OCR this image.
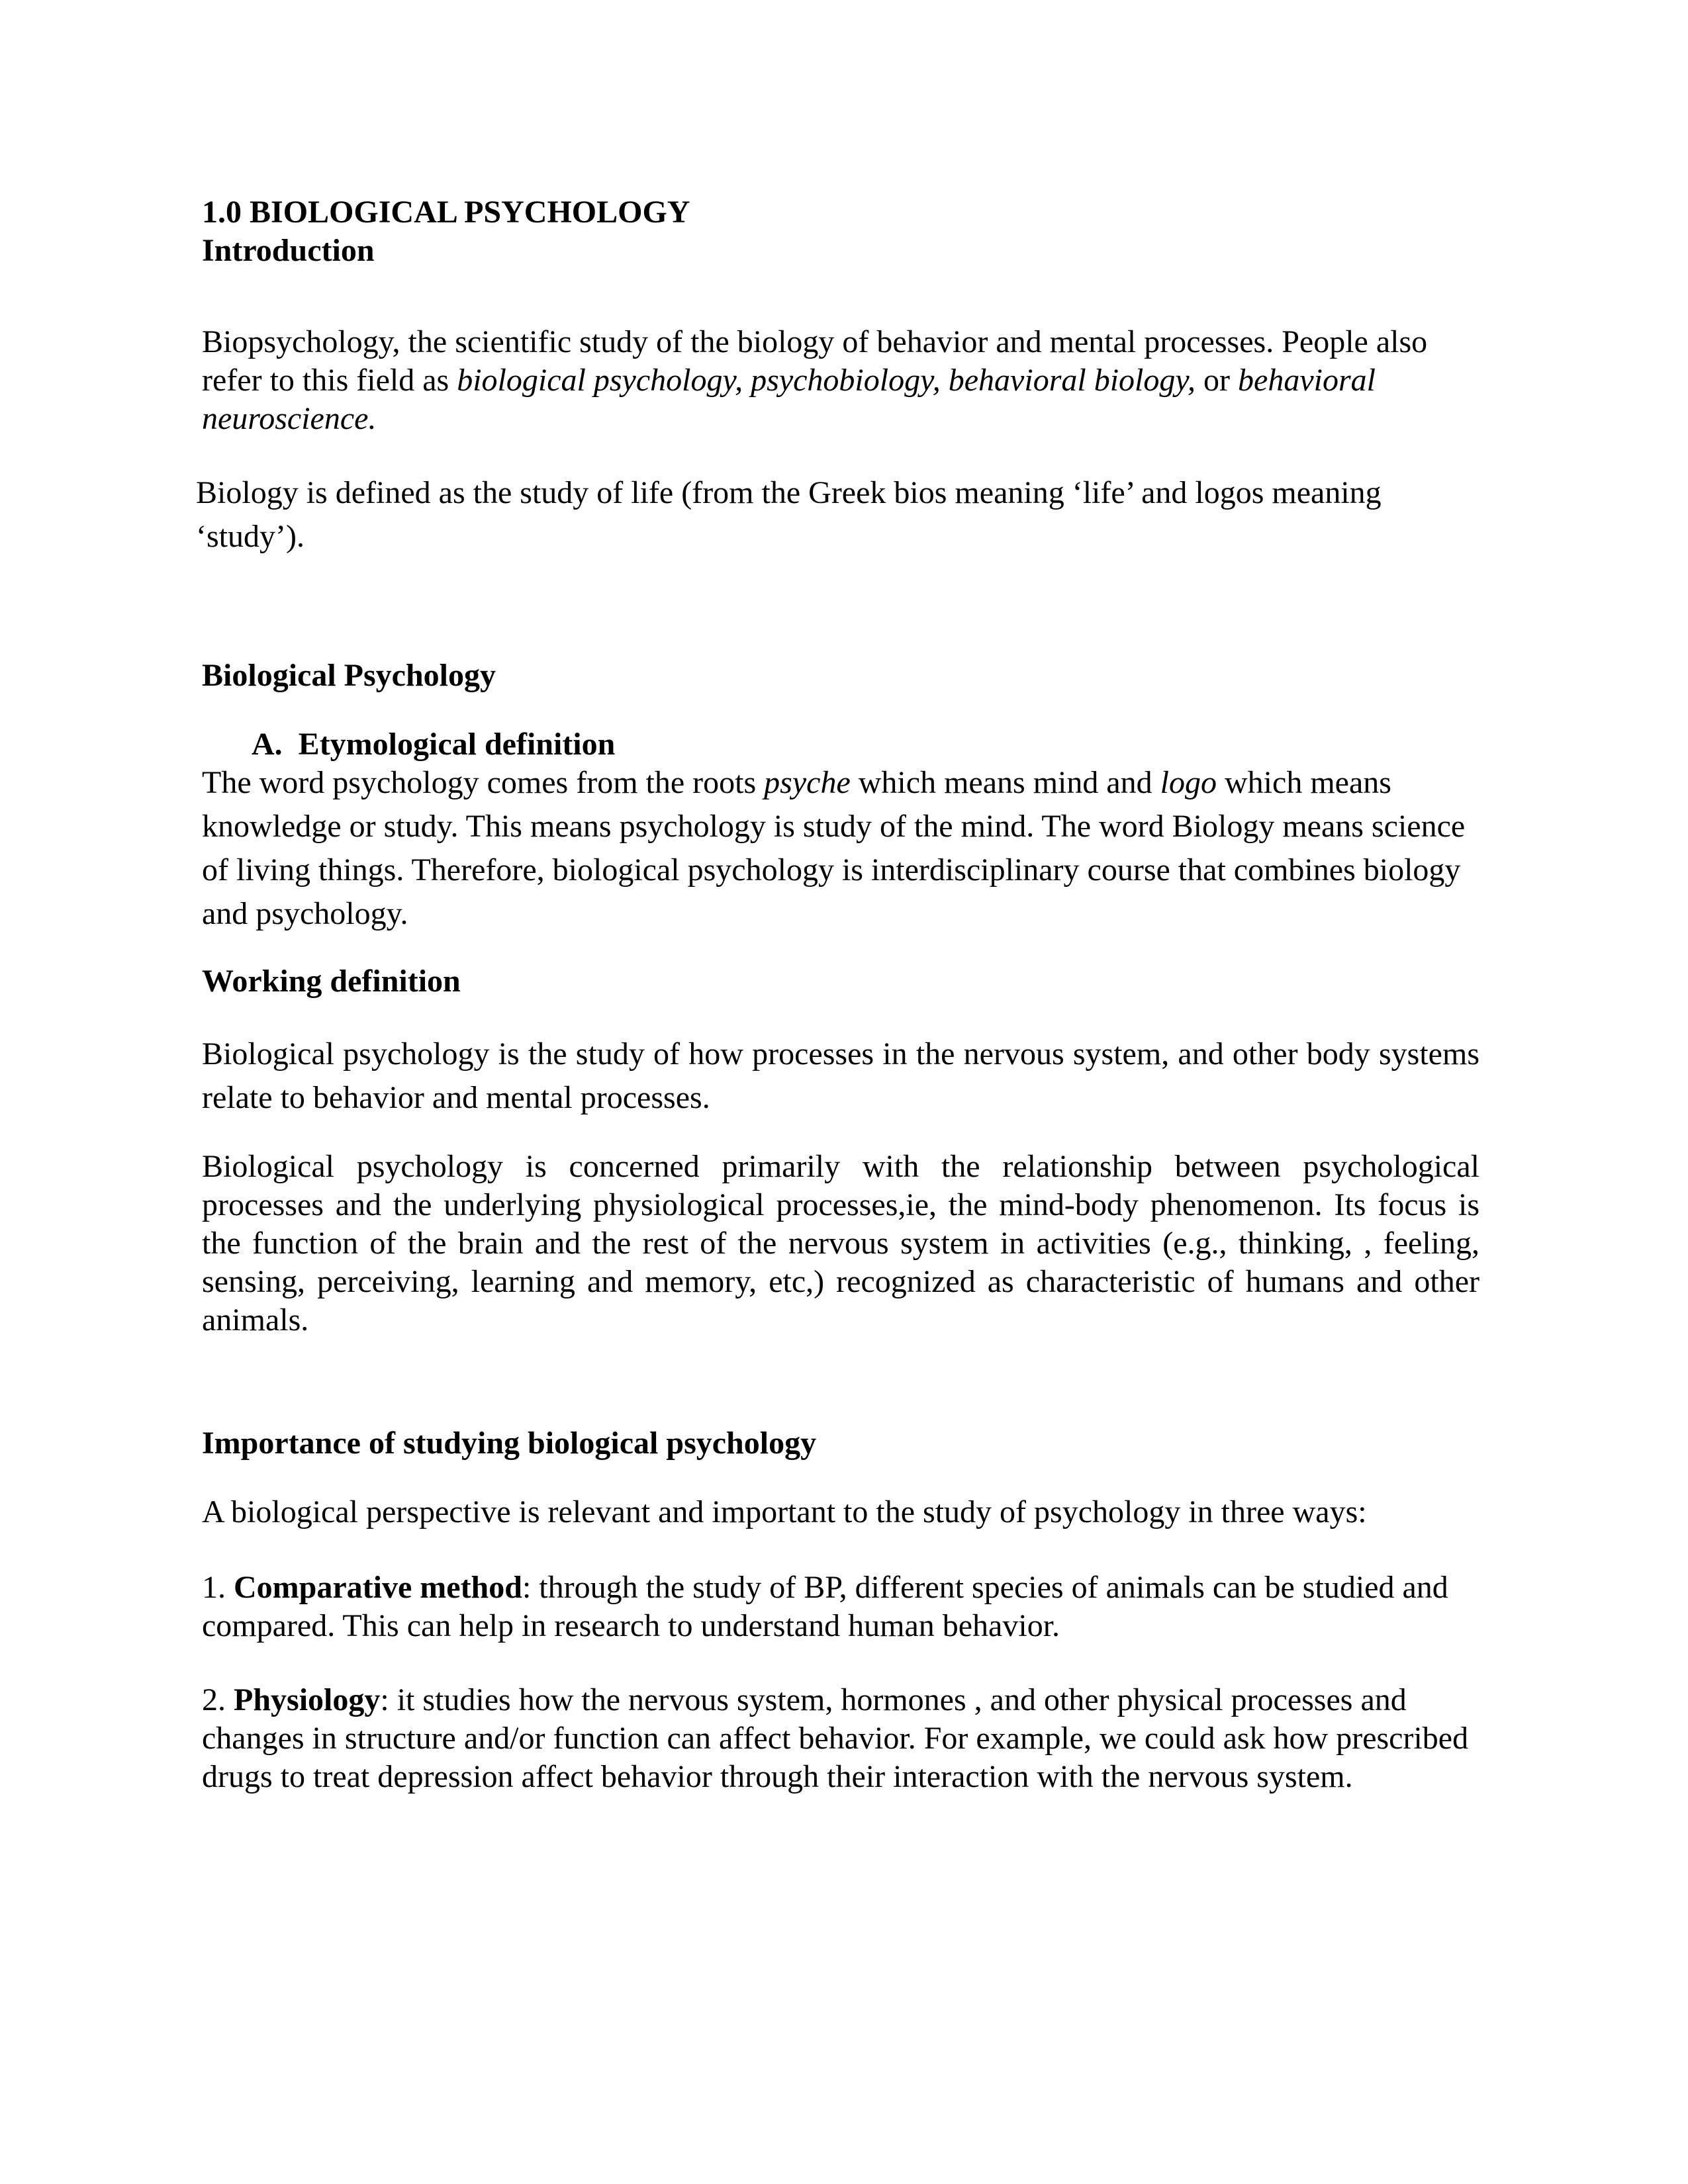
1.0 BIOLOGICAL PSYCHOLOGY

Introduction

Biopsychology, the scientific study of the biology of behavior and mental processes. People also refer to this field as biological psychology, psychobiology, behavioral biology, or behavioral neuroscience.

Biology is defined as the study of life (from the Greek bios meaning ‘life’ and logos meaning ‘study’).

Biological Psychology

A. Etymological definition

The word psychology comes from the roots psyche which means mind and logo which means knowledge or study. This means psychology is study of the mind. The word Biology means science of living things. Therefore, biological psychology is interdisciplinary course that combines biology and psychology.

Working definition

Biological psychology is the study of how processes in the nervous system, and other body systems relate to behavior and mental processes.

Biological psychology is concerned primarily with the relationship between psychological processes and the underlying physiological processes,ie, the mind-body phenomenon. Its focus is the function of the brain and the rest of the nervous system in activities (e.g., thinking, , feeling, sensing, perceiving, learning and memory, etc,) recognized as characteristic of humans and other animals.

Importance of studying biological psychology

A biological perspective is relevant and important to the study of psychology in three ways:

1. Comparative method: through the study of BP, different species of animals can be studied and compared. This can help in research to understand human behavior.

2. Physiology: it studies how the nervous system, hormones , and other physical processes and changes in structure and/or function can affect behavior. For example, we could ask how prescribed drugs to treat depression affect behavior through their interaction with the nervous system.
